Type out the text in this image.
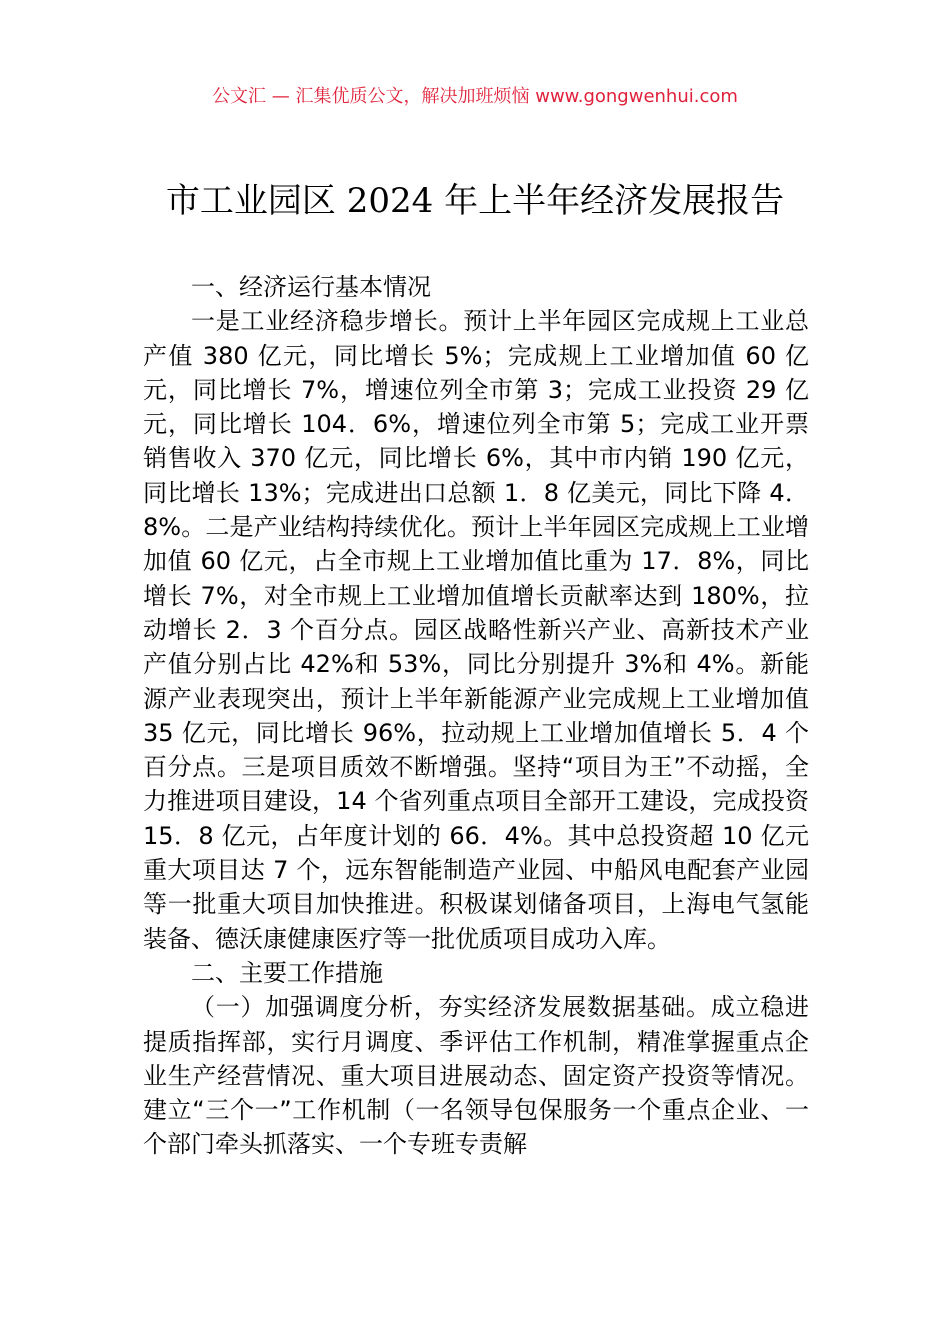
公文汇 — 汇集优质公文，解决加班烦恼 www.gongwenhui.com
市工业园区 2024 年上半年经济发展报告
一、经济运行基本情况
一是工业经济稳步增长。预计上半年园区完成规上工业总产值 380 亿元，同比增长 5%；完成规上工业增加值 60 亿元，同比增长 7%，增速位列全市第 3；完成工业投资 29 亿元，同比增长 104．6%，增速位列全市第 5；完成工业开票销售收入 370 亿元，同比增长 6%，其中市内销 190 亿元，同比增长 13%；完成进出口总额 1．8 亿美元，同比下降 4．8%。二是产业结构持续优化。预计上半年园区完成规上工业增加值 60 亿元，占全市规上工业增加值比重为 17．8%，同比增长 7%，对全市规上工业增加值增长贡献率达到 180%，拉动增长 2．3 个百分点。园区战略性新兴产业、高新技术产业产值分别占比 42%和 53%，同比分别提升 3%和 4%。新能源产业表现突出，预计上半年新能源产业完成规上工业增加值 35 亿元，同比增长 96%，拉动规上工业增加值增长 5．4 个百分点。三是项目质效不断增强。坚持“项目为王”不动摇，全力推进项目建设，14 个省列重点项目全部开工建设，完成投资 15．8 亿元，占年度计划的 66．4%。其中总投资超 10 亿元重大项目达 7 个，远东智能制造产业园、中船风电配套产业园等一批重大项目加快推进。积极谋划储备项目，上海电气氢能装备、德沃康健康医疗等一批优质项目成功入库。
二、主要工作措施
（一）加强调度分析，夯实经济发展数据基础。成立稳进提质指挥部，实行月调度、季评估工作机制，精准掌握重点企业生产经营情况、重大项目进展动态、固定资产投资等情况。建立“三个一”工作机制（一名领导包保服务一个重点企业、一个部门牵头抓落实、一个专班专责解
